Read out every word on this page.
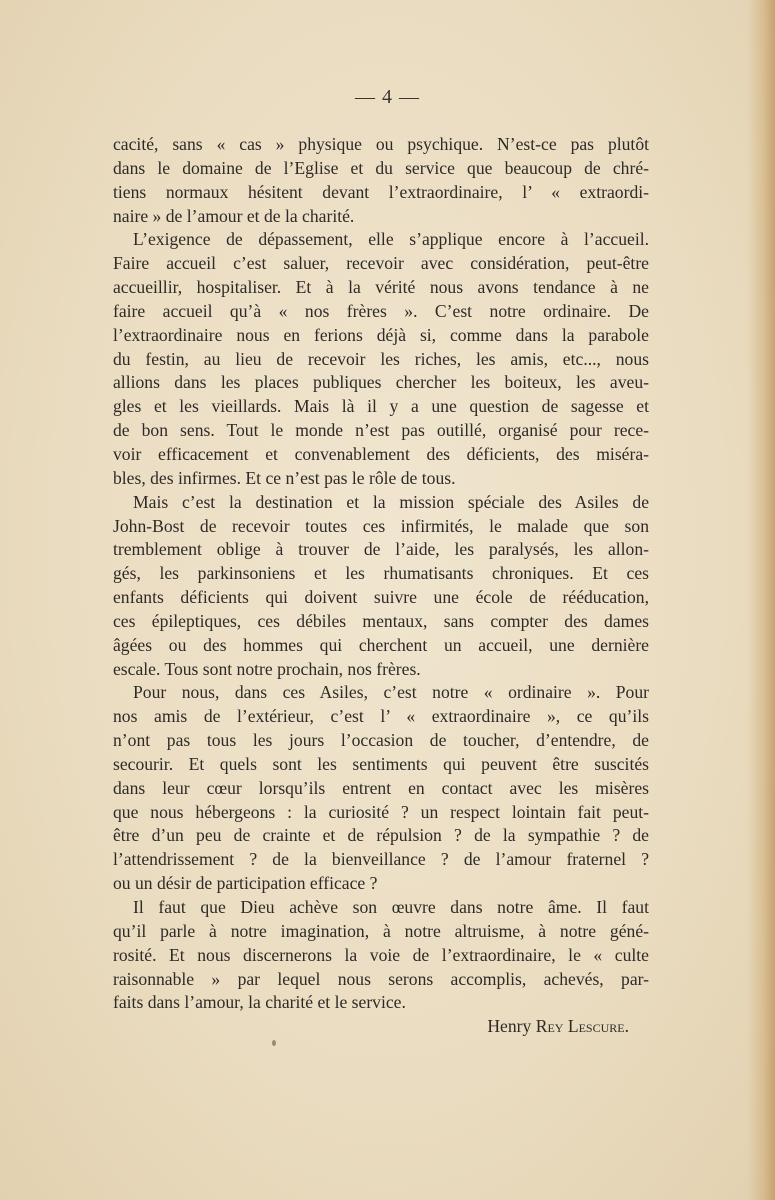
— 4 —
cacité, sans « cas » physique ou psychique. N’est-ce pas plutôt
dans le domaine de l’Eglise et du service que beaucoup de chré-
tiens normaux hésitent devant l’extraordinaire, l’ « extraordi-
naire » de l’amour et de la charité.
L’exigence de dépassement, elle s’applique encore à l’accueil.
Faire accueil c’est saluer, recevoir avec considération, peut-être
accueillir, hospitaliser. Et à la vérité nous avons tendance à ne
faire accueil qu’à « nos frères ». C’est notre ordinaire. De
l’extraordinaire nous en ferions déjà si, comme dans la parabole
du festin, au lieu de recevoir les riches, les amis, etc..., nous
allions dans les places publiques chercher les boiteux, les aveu-
gles et les vieillards. Mais là il y a une question de sagesse et
de bon sens. Tout le monde n’est pas outillé, organisé pour rece-
voir efficacement et convenablement des déficients, des miséra-
bles, des infirmes. Et ce n’est pas le rôle de tous.
Mais c’est la destination et la mission spéciale des Asiles de
John-Bost de recevoir toutes ces infirmités, le malade que son
tremblement oblige à trouver de l’aide, les paralysés, les allon-
gés, les parkinsoniens et les rhumatisants chroniques. Et ces
enfants déficients qui doivent suivre une école de rééducation,
ces épileptiques, ces débiles mentaux, sans compter des dames
âgées ou des hommes qui cherchent un accueil, une dernière
escale. Tous sont notre prochain, nos frères.
Pour nous, dans ces Asiles, c’est notre « ordinaire ». Pour
nos amis de l’extérieur, c’est l’ « extraordinaire », ce qu’ils
n’ont pas tous les jours l’occasion de toucher, d’entendre, de
secourir. Et quels sont les sentiments qui peuvent être suscités
dans leur cœur lorsqu’ils entrent en contact avec les misères
que nous hébergeons : la curiosité ? un respect lointain fait peut-
être d’un peu de crainte et de répulsion ? de la sympathie ? de
l’attendrissement ? de la bienveillance ? de l’amour fraternel ?
ou un désir de participation efficace ?
Il faut que Dieu achève son œuvre dans notre âme. Il faut
qu’il parle à notre imagination, à notre altruisme, à notre géné-
rosité. Et nous discernerons la voie de l’extraordinaire, le « culte
raisonnable » par lequel nous serons accomplis, achevés, par-
faits dans l’amour, la charité et le service.
Henry Rey Lescure.
